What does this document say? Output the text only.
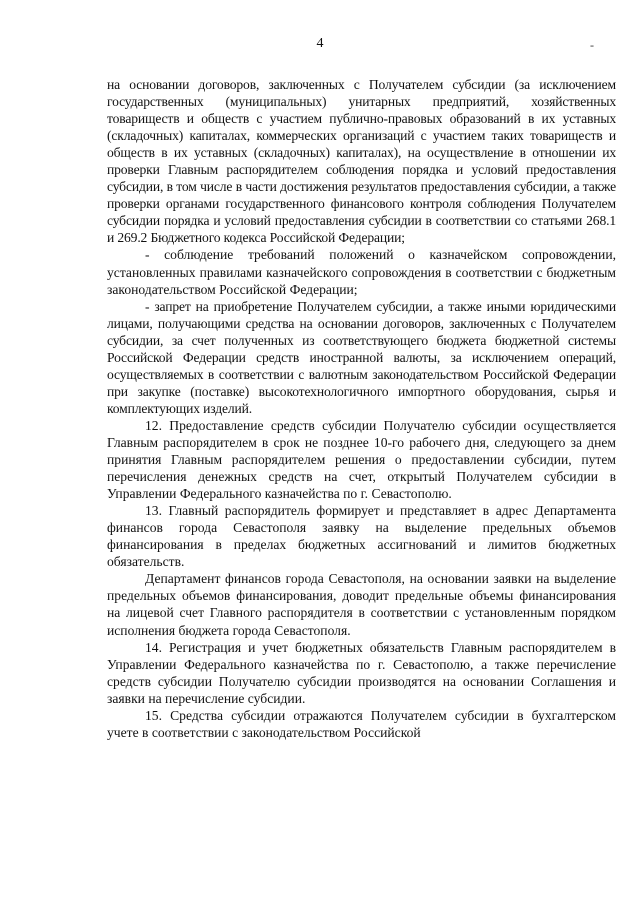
4	-

на основании договоров, заключенных с Получателем субсидии (за исключением государственных (муниципальных) унитарных предприятий, хозяйственных товариществ и обществ с участием публично-правовых образований в их уставных (складочных) капиталах, коммерческих организаций с участием таких товариществ и обществ в их уставных (складочных) капиталах), на осуществление в отношении их проверки Главным распорядителем соблюдения порядка и условий предоставления субсидии, в том числе в части достижения результатов предоставления субсидии, а также проверки органами государственного финансового контроля соблюдения Получателем субсидии порядка и условий предоставления субсидии в соответствии со статьями 268.1 и 269.2 Бюджетного кодекса Российской Федерации;

- соблюдение требований положений о казначейском сопровождении, установленных правилами казначейского сопровождения в соответствии с бюджетным законодательством Российской Федерации;

- запрет на приобретение Получателем субсидии, а также иными юридическими лицами, получающими средства на основании договоров, заключенных с Получателем субсидии, за счет полученных из соответствующего бюджета бюджетной системы Российской Федерации средств иностранной валюты, за исключением операций, осуществляемых в соответствии с валютным законодательством Российской Федерации при закупке (поставке) высокотехнологичного импортного оборудования, сырья и комплектующих изделий.

12. Предоставление средств субсидии Получателю субсидии осуществляется Главным распорядителем в срок не позднее 10-го рабочего дня, следующего за днем принятия Главным распорядителем решения о предоставлении субсидии, путем перечисления денежных средств на счет, открытый Получателем субсидии в Управлении Федерального казначейства по г. Севастополю.

13. Главный распорядитель формирует и представляет в адрес Департамента финансов города Севастополя заявку на выделение предельных объемов финансирования в пределах бюджетных ассигнований и лимитов бюджетных обязательств.

Департамент финансов города Севастополя, на основании заявки на выделение предельных объемов финансирования, доводит предельные объемы финансирования на лицевой счет Главного распорядителя в соответствии с установленным порядком исполнения бюджета города Севастополя.

14. Регистрация и учет бюджетных обязательств Главным распорядителем в Управлении Федерального казначейства по г. Севастополю, а также перечисление средств субсидии Получателю субсидии производятся на основании Соглашения и заявки на перечисление субсидии.

15. Средства субсидии отражаются Получателем субсидии в бухгалтерском учете в соответствии с законодательством Российской
